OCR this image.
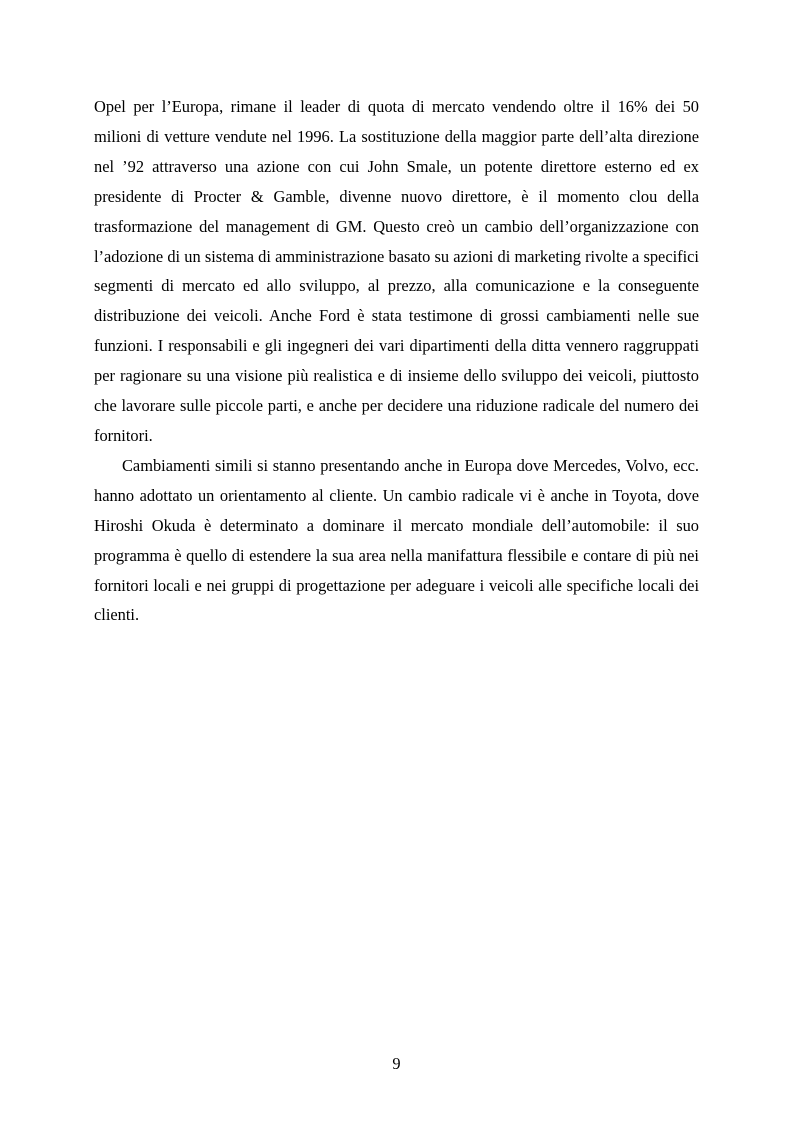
Opel per l’Europa, rimane il leader di quota di mercato vendendo oltre il 16% dei 50 milioni di vetture vendute nel 1996. La sostituzione della maggior parte dell’alta direzione nel ’92 attraverso una azione con cui John Smale, un potente direttore esterno ed ex presidente di Procter & Gamble, divenne nuovo direttore, è il momento clou della trasformazione del management di GM. Questo creò un cambio dell’organizzazione con l’adozione di un sistema di amministrazione basato su azioni di marketing rivolte a specifici segmenti di mercato ed allo sviluppo, al prezzo, alla comunicazione e la conseguente distribuzione dei veicoli. Anche Ford è stata testimone di grossi cambiamenti nelle sue funzioni. I responsabili e gli ingegneri dei vari dipartimenti della ditta vennero raggruppati per ragionare su una visione più realistica e di insieme dello sviluppo dei veicoli, piuttosto che lavorare sulle piccole parti, e anche per decidere una riduzione radicale del numero dei fornitori.

Cambiamenti simili si stanno presentando anche in Europa dove Mercedes, Volvo, ecc. hanno adottato un orientamento al cliente. Un cambio radicale vi è anche in Toyota, dove Hiroshi Okuda è determinato a dominare il mercato mondiale dell’automobile: il suo programma è quello di estendere la sua area nella manifattura flessibile e contare di più nei fornitori locali e nei gruppi di progettazione per adeguare i veicoli alle specifiche locali dei clienti.

9
